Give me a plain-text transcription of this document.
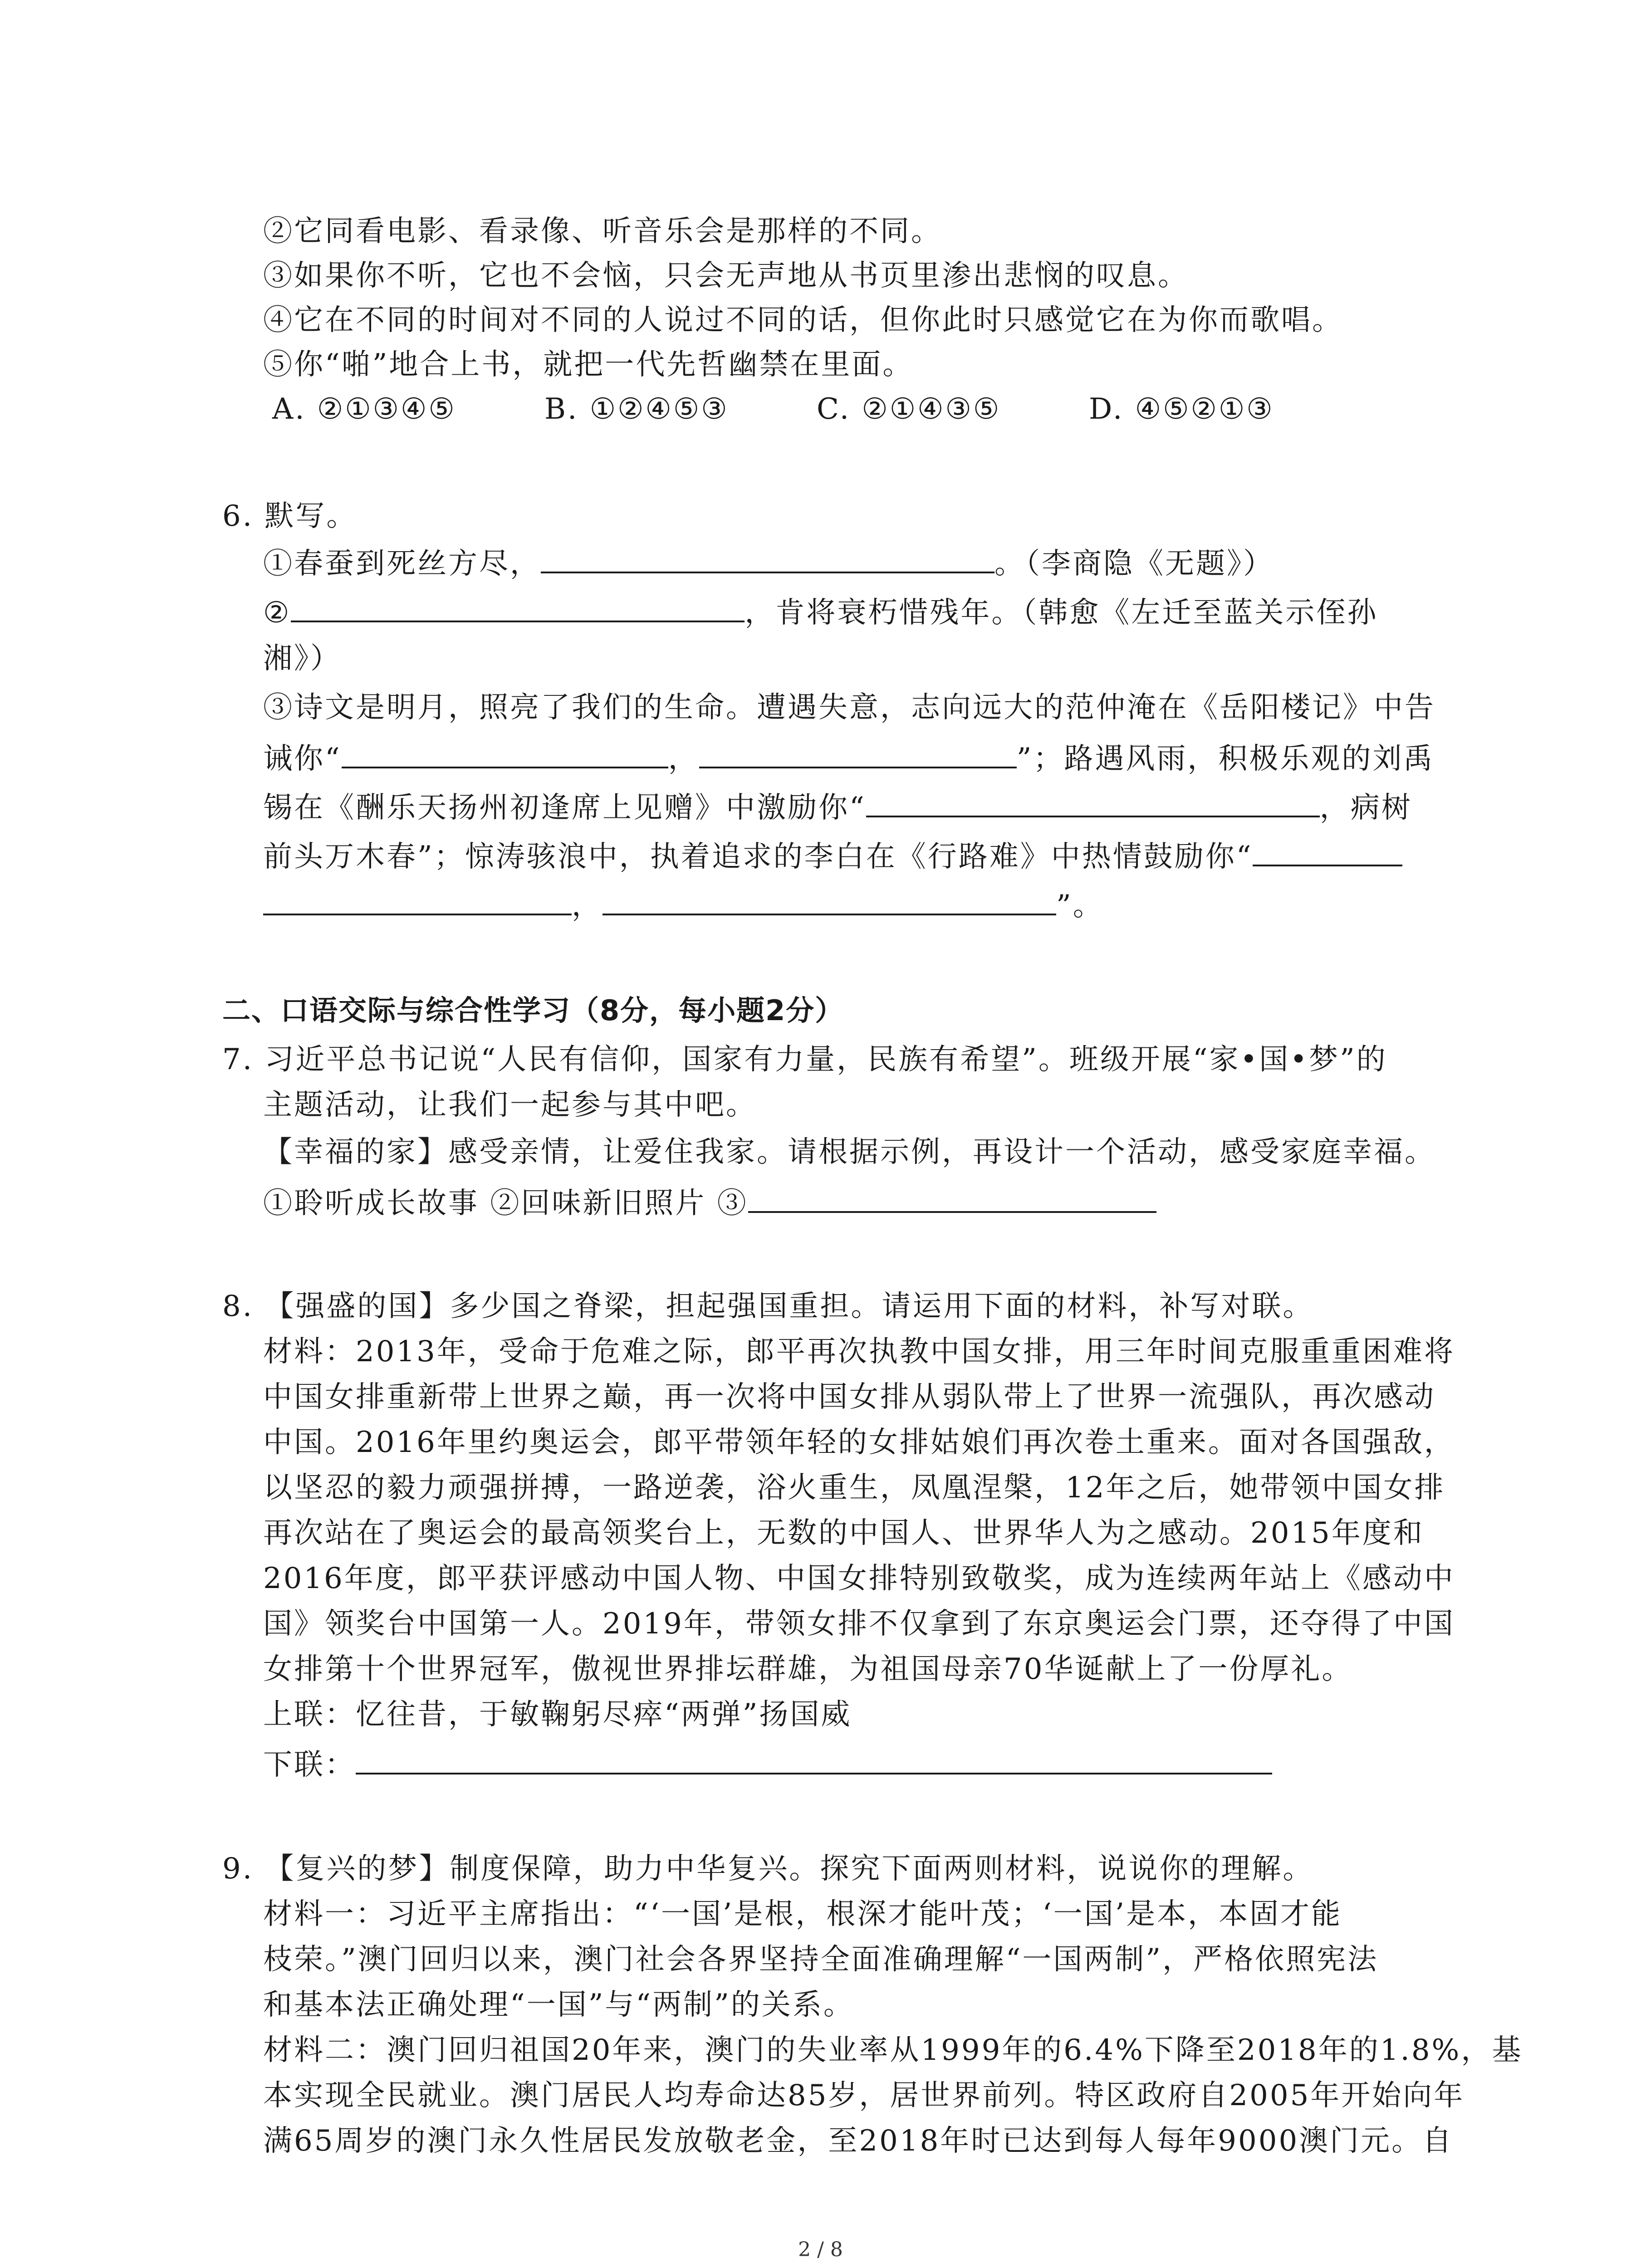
②它同看电影、看录像、听音乐会是那样的不同。
③如果你不听，它也不会恼，只会无声地从书页里渗出悲悯的叹息。
④它在不同的时间对不同的人说过不同的话，但你此时只感觉它在为你而歌唱。
⑤你“啪”地合上书，就把一代先哲幽禁在里面。
A. ②①③④⑤	B. ①②④⑤③	C. ②①④③⑤	D. ④⑤②①③
6. 默写。
①春蚕到死丝方尽，	。（李商隐《无题》）
②	，肯将衰朽惜残年。（韩愈《左迁至蓝关示侄孙
湘》）
③诗文是明月，照亮了我们的生命。遭遇失意，志向远大的范仲淹在《岳阳楼记》中告
诫你“	，	”；路遇风雨，积极乐观的刘禹
锡在《酬乐天扬州初逢席上见赠》中激励你“	，病树
前头万木春”；惊涛骇浪中，执着追求的李白在《行路难》中热情鼓励你“
，	”。
二、口语交际与综合性学习（8分，每小题2分）
7. 习近平总书记说“人民有信仰，国家有力量，民族有希望”。班级开展“家•国•梦”的
主题活动，让我们一起参与其中吧。
【幸福的家】感受亲情，让爱住我家。请根据示例，再设计一个活动，感受家庭幸福。
①聆听成长故事 ②回味新旧照片 ③
8. 【强盛的国】多少国之脊梁，担起强国重担。请运用下面的材料，补写对联。
材料：2013年，受命于危难之际，郎平再次执教中国女排，用三年时间克服重重困难将
中国女排重新带上世界之巅，再一次将中国女排从弱队带上了世界一流强队，再次感动
中国。2016年里约奥运会，郎平带领年轻的女排姑娘们再次卷土重来。面对各国强敌，
以坚忍的毅力顽强拼搏，一路逆袭，浴火重生，凤凰涅槃，12年之后，她带领中国女排
再次站在了奥运会的最高领奖台上，无数的中国人、世界华人为之感动。2015年度和
2016年度，郎平获评感动中国人物、中国女排特别致敬奖，成为连续两年站上《感动中
国》领奖台中国第一人。2019年，带领女排不仅拿到了东京奥运会门票，还夺得了中国
女排第十个世界冠军，傲视世界排坛群雄，为祖国母亲70华诞献上了一份厚礼。
上联：忆往昔，于敏鞠躬尽瘁“两弹”扬国威
下联：
9. 【复兴的梦】制度保障，助力中华复兴。探究下面两则材料，说说你的理解。
材料一：习近平主席指出：“‘一国’是根，根深才能叶茂；‘一国’是本，本固才能
枝荣。”澳门回归以来，澳门社会各界坚持全面准确理解“一国两制”，严格依照宪法
和基本法正确处理“一国”与“两制”的关系。
材料二：澳门回归祖国20年来，澳门的失业率从1999年的6.4%下降至2018年的1.8%，基
本实现全民就业。澳门居民人均寿命达85岁，居世界前列。特区政府自2005年开始向年
满65周岁的澳门永久性居民发放敬老金，至2018年时已达到每人每年9000澳门元。自
2 / 8
